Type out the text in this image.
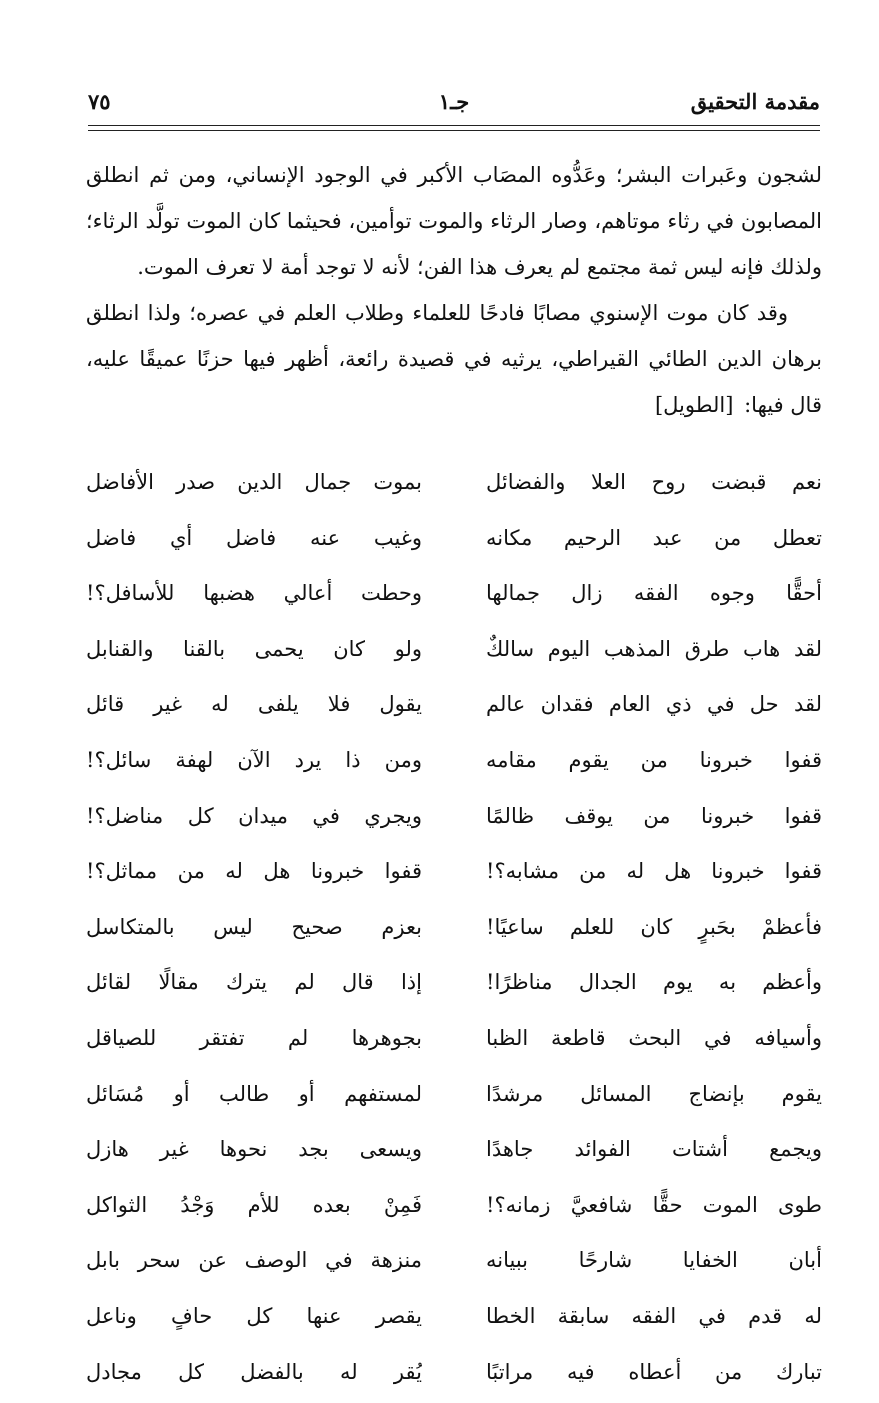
مقدمة التحقيق
جـ١
٧٥

لشجون وعَبرات البشر؛ وعَدُّوه المصَاب الأكبر في الوجود الإنساني، ومن ثم انطلق المصابون في رثاء موتاهم، وصار الرثاء والموت توأمين، فحيثما كان الموت تولَّد الرثاء؛ ولذلك فإنه ليس ثمة مجتمع لم يعرف هذا الفن؛ لأنه لا توجد أمة لا تعرف الموت.

وقد كان موت الإسنوي مصابًا فادحًا للعلماء وطلاب العلم في عصره؛ ولذا انطلق برهان الدين الطائي القيراطي، يرثيه في قصيدة رائعة، أظهر فيها حزنًا عميقًا عليه، قال فيها: [الطويل]

نعم قبضت روح العلا والفضائل
بموت جمال الدين صدر الأفاضل
تعطل من عبد الرحيم مكانه
وغيب عنه فاضل أي فاضل
أحقًّا وجوه الفقه زال جمالها
وحطت أعالي هضبها للأسافل؟!
لقد هاب طرق المذهب اليوم سالكٌ
ولو كان يحمى بالقنا والقنابل
لقد حل في ذي العام فقدان عالم
يقول فلا يلفى له غير قائل
قفوا خبرونا من يقوم مقامه
ومن ذا يرد الآن لهفة سائل؟!
قفوا خبرونا من يوقف ظالمًا
ويجري في ميدان كل مناضل؟!
قفوا خبرونا هل له من مشابه؟!
قفوا خبرونا هل له من مماثل؟!
فأعظمْ بحَبرٍ كان للعلم ساعيًا!
بعزم صحيح ليس بالمتكاسل
وأعظم به يوم الجدال مناظرًا!
إذا قال لم يترك مقالًا لقائل
وأسيافه في البحث قاطعة الظبا
بجوهرها لم تفتقر للصياقل
يقوم بإنضاج المسائل مرشدًا
لمستفهم أو طالب أو مُسَائل
ويجمع أشتات الفوائد جاهدًا
ويسعى بجد نحوها غير هازل
طوى الموت حقًّا شافعيَّ زمانه؟!
فَمِنْ بعده للأم وَجْدُ الثواكل
أبان الخفايا شارحًا ببيانه
منزهة في الوصف عن سحر بابل
له قدم في الفقه سابقة الخطا
يقصر عنها كل حافٍ وناعل
تبارك من أعطاه فيه مراتبًا
يُقر له بالفضل كل مجادل
